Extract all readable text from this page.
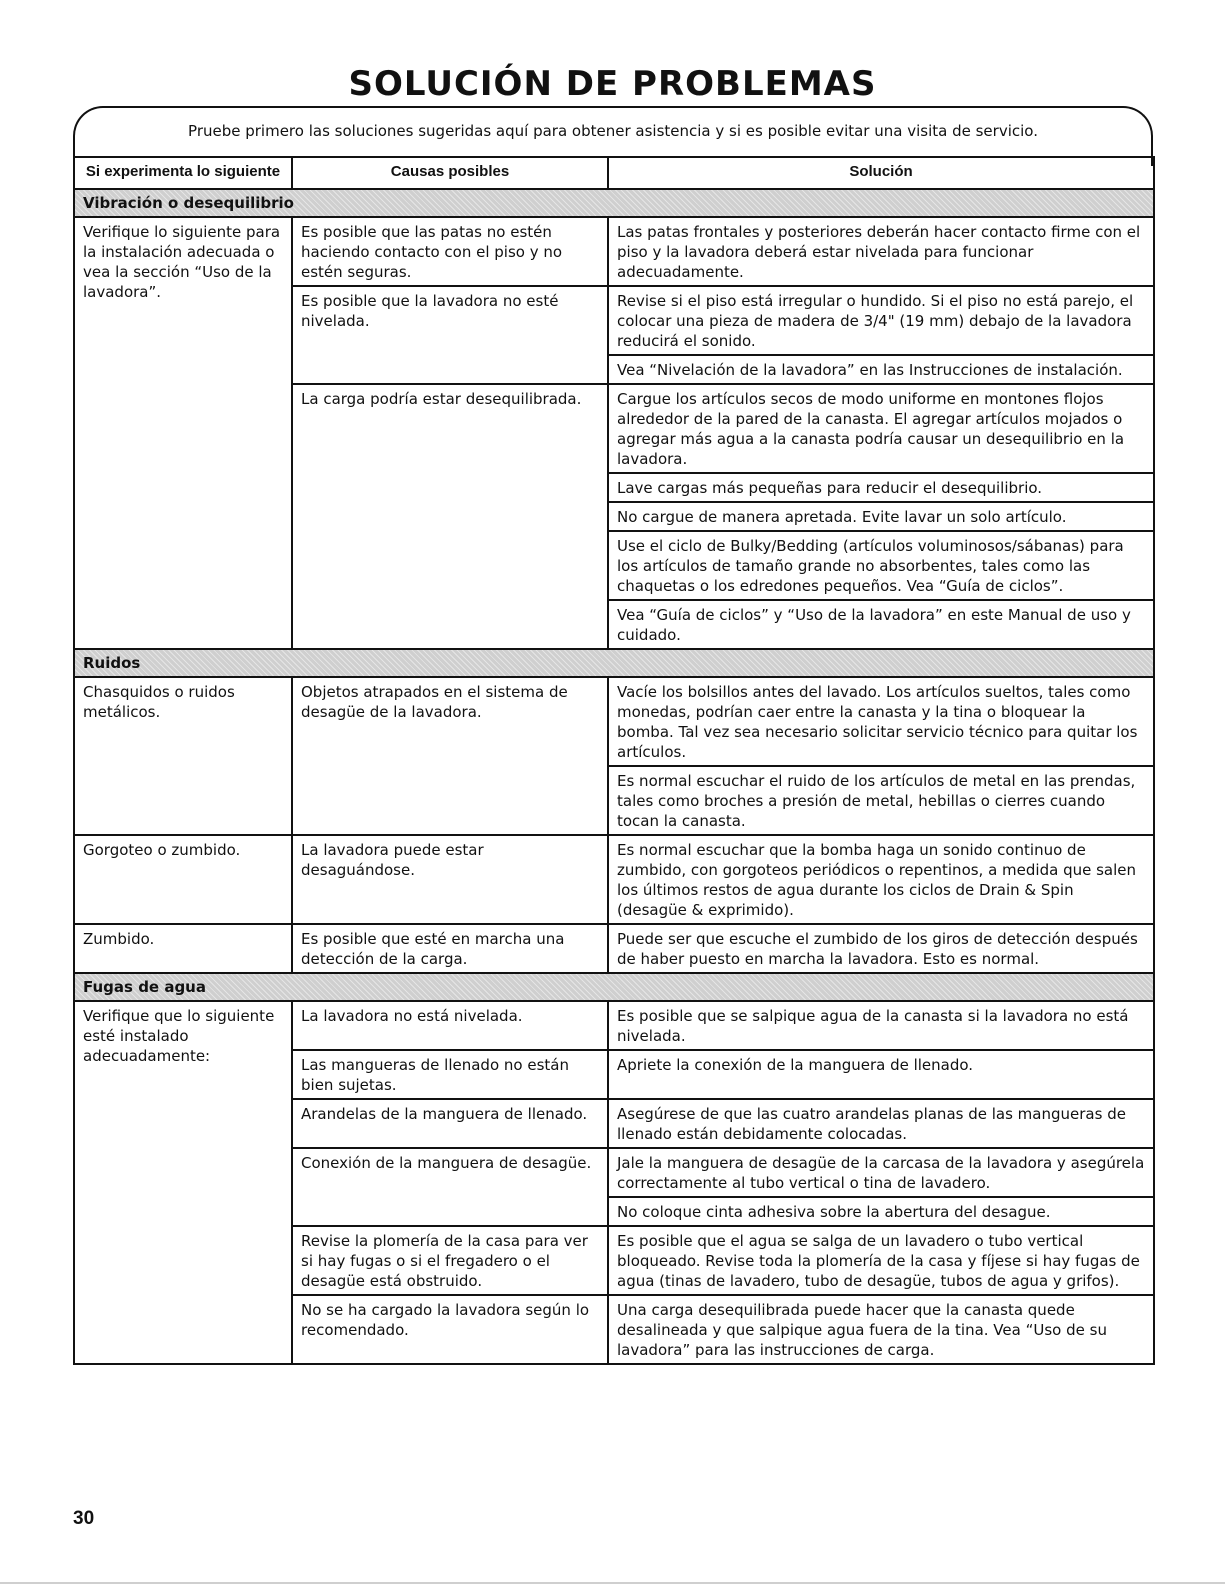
SOLUCIÓN DE PROBLEMAS
Pruebe primero las soluciones sugeridas aquí para obtener asistencia y si es posible evitar una visita de servicio.
Si experimenta lo siguiente	Causas posibles	Solución
Vibración o desequilibrio		
Verifique lo siguiente para la instalación adecuada o vea la sección “Uso de la lavadora”.	Es posible que las patas no estén haciendo contacto con el piso y no estén seguras.	Las patas frontales y posteriores deberán hacer contacto firme con el piso y la lavadora deberá estar nivelada para funcionar adecuadamente.
	Es posible que la lavadora no esté nivelada.	Revise si el piso está irregular o hundido. Si el piso no está parejo, el colocar una pieza de madera de 3/4" (19 mm) debajo de la lavadora reducirá el sonido.
		Vea “Nivelación de la lavadora” en las Instrucciones de instalación.
	La carga podría estar desequilibrada.	Cargue los artículos secos de modo uniforme en montones flojos alrededor de la pared de la canasta. El agregar artículos mojados o agregar más agua a la canasta podría causar un desequilibrio en la lavadora.
		Lave cargas más pequeñas para reducir el desequilibrio.
		No cargue de manera apretada. Evite lavar un solo artículo.
		Use el ciclo de Bulky/Bedding (artículos voluminosos/sábanas) para los artículos de tamaño grande no absorbentes, tales como las chaquetas o los edredones pequeños. Vea “Guía de ciclos”.
		Vea “Guía de ciclos” y “Uso de la lavadora” en este Manual de uso y cuidado.
Ruidos		
Chasquidos o ruidos metálicos.	Objetos atrapados en el sistema de desagüe de la lavadora.	Vacíe los bolsillos antes del lavado. Los artículos sueltos, tales como monedas, podrían caer entre la canasta y la tina o bloquear la bomba. Tal vez sea necesario solicitar servicio técnico para quitar los artículos.
		Es normal escuchar el ruido de los artículos de metal en las prendas, tales como broches a presión de metal, hebillas o cierres cuando tocan la canasta.
Gorgoteo o zumbido.	La lavadora puede estar desaguándose.	Es normal escuchar que la bomba haga un sonido continuo de zumbido, con gorgoteos periódicos o repentinos, a medida que salen los últimos restos de agua durante los ciclos de Drain & Spin (desagüe & exprimido).
Zumbido.	Es posible que esté en marcha una detección de la carga.	Puede ser que escuche el zumbido de los giros de detección después de haber puesto en marcha la lavadora. Esto es normal.
Fugas de agua		
Verifique que lo siguiente esté instalado adecuadamente:	La lavadora no está nivelada.	Es posible que se salpique agua de la canasta si la lavadora no está nivelada.
	Las mangueras de llenado no están bien sujetas.	Apriete la conexión de la manguera de llenado.
	Arandelas de la manguera de llenado.	Asegúrese de que las cuatro arandelas planas de las mangueras de llenado están debidamente colocadas.
	Conexión de la manguera de desagüe.	Jale la manguera de desagüe de la carcasa de la lavadora y asegúrela correctamente al tubo vertical o tina de lavadero.
		No coloque cinta adhesiva sobre la abertura del desague.
	Revise la plomería de la casa para ver si hay fugas o si el fregadero o el desagüe está obstruido.	Es posible que el agua se salga de un lavadero o tubo vertical bloqueado. Revise toda la plomería de la casa y fíjese si hay fugas de agua (tinas de lavadero, tubo de desagüe, tubos de agua y grifos).
	No se ha cargado la lavadora según lo recomendado.	Una carga desequilibrada puede hacer que la canasta quede desalineada y que salpique agua fuera de la tina. Vea “Uso de su lavadora” para las instrucciones de carga.
30
